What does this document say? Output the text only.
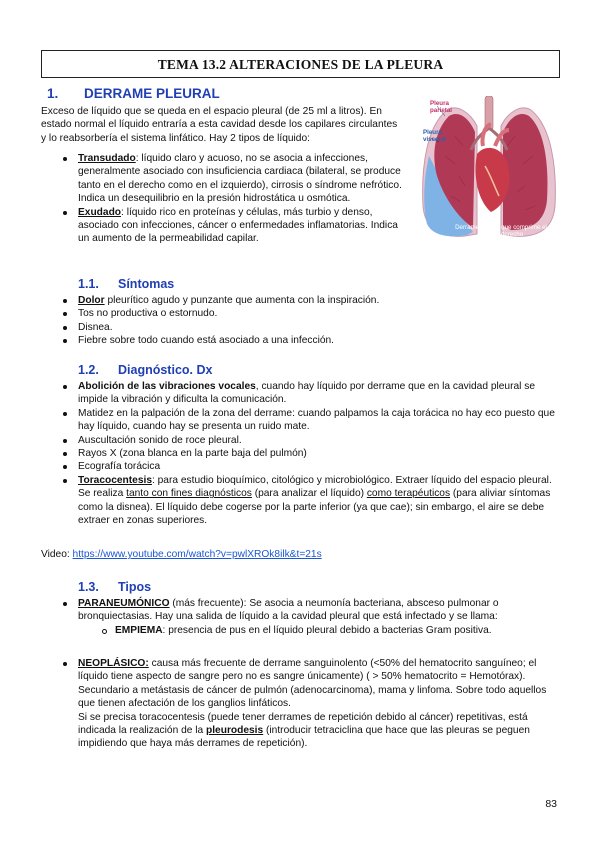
TEMA 13.2 ALTERACIONES DE LA PLEURA
1. DERRAME PLEURAL
Exceso de líquido que se queda en el espacio pleural (de 25 ml a litros). En estado normal el líquido entraría a esta cavidad desde los capilares circulantes y lo reabsorbería el sistema linfático. Hay 2 tipos de líquido:
Transudado: líquido claro y acuoso, no se asocia a infecciones, generalmente asociado con insuficiencia cardiaca (bilateral, se produce tanto en el derecho como en el izquierdo), cirrosis o síndrome nefrótico. Indica un desequilibrio en la presión hidrostática u osmótica.
Exudado: líquido rico en proteínas y células, más turbio y denso, asociado con infecciones, cáncer o enfermedades inflamatorias. Indica un aumento de la permeabilidad capilar.
Pleura parietal
Pleura visceral
Derrame pleural que comprime el pulmón derecho
1.1. Síntomas
Dolor pleurítico agudo y punzante que aumenta con la inspiración.
Tos no productiva o estornudo.
Disnea.
Fiebre sobre todo cuando está asociado a una infección.
1.2. Diagnóstico. Dx
Abolición de las vibraciones vocales, cuando hay líquido por derrame que en la cavidad pleural se impide la vibración y dificulta la comunicación.
Matidez en la palpación de la zona del derrame: cuando palpamos la caja torácica no hay eco puesto que hay líquido, cuando hay se presenta un ruido mate.
Auscultación sonido de roce pleural.
Rayos X (zona blanca en la parte baja del pulmón)
Ecografía torácica
Toracocentesis: para estudio bioquímico, citológico y microbiológico. Extraer líquido del espacio pleural. Se realiza tanto con fines diagnósticos (para analizar el líquido) como terapéuticos (para aliviar síntomas como la disnea). El líquido debe cogerse por la parte inferior (ya que cae); sin embargo, el aire se debe extraer en zonas superiores.
Video: https://www.youtube.com/watch?v=pwlXROk8ilk&t=21s
1.3. Tipos
PARANEUMÓNICO (más frecuente): Se asocia a neumonía bacteriana, absceso pulmonar o bronquiectasias. Hay una salida de líquido a la cavidad pleural que está infectado y se llama:
EMPIEMA: presencia de pus en el líquido pleural debido a bacterias Gram positiva.
NEOPLÁSICO: causa más frecuente de derrame sanguinolento (<50% del hematocrito sanguíneo; el líquido tiene aspecto de sangre pero no es sangre únicamente) ( > 50% hematocrito = Hemotórax). Secundario a metástasis de cáncer de pulmón (adenocarcinoma), mama y linfoma. Sobre todo aquellos que tienen afectación de los ganglios linfáticos.
Si se precisa toracocentesis (puede tener derrames de repetición debido al cáncer) repetitivas, está indicada la realización de la pleurodesis (introducir tetraciclina que hace que las pleuras se peguen impidiendo que haya más derrames de repetición).
83
